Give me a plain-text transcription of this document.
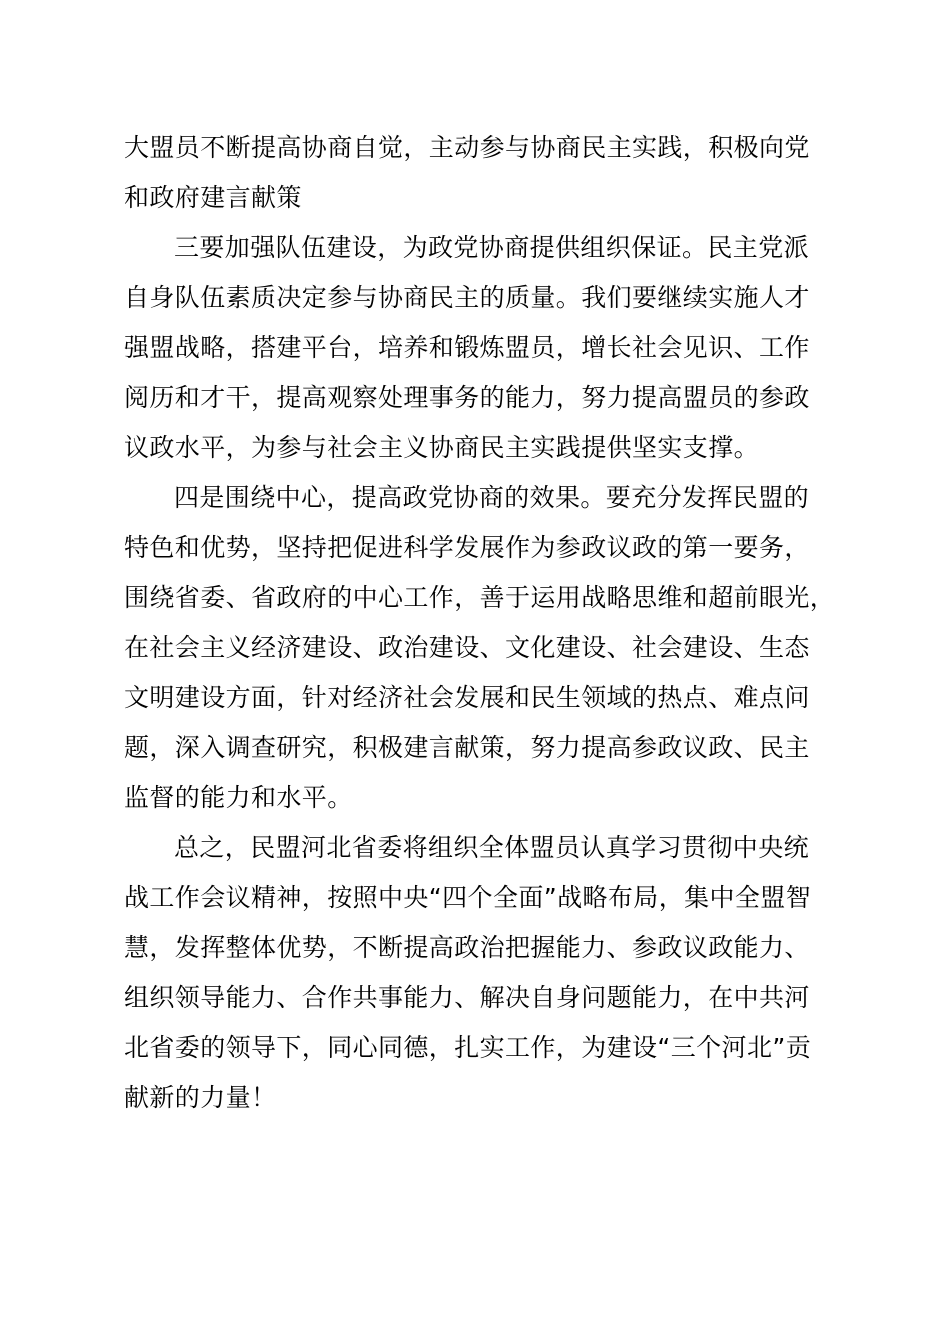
大盟员不断提高协商自觉，主动参与协商民主实践，积极向党
和政府建言献策
三要加强队伍建设，为政党协商提供组织保证。民主党派
自身队伍素质决定参与协商民主的质量。我们要继续实施人才
强盟战略，搭建平台，培养和锻炼盟员，增长社会见识、工作
阅历和才干，提高观察处理事务的能力，努力提高盟员的参政
议政水平，为参与社会主义协商民主实践提供坚实支撑。
四是围绕中心，提高政党协商的效果。要充分发挥民盟的
特色和优势，坚持把促进科学发展作为参政议政的第一要务，
围绕省委、省政府的中心工作，善于运用战略思维和超前眼光，
在社会主义经济建设、政治建设、文化建设、社会建设、生态
文明建设方面，针对经济社会发展和民生领域的热点、难点问
题，深入调查研究，积极建言献策，努力提高参政议政、民主
监督的能力和水平。
总之，民盟河北省委将组织全体盟员认真学习贯彻中央统
战工作会议精神，按照中央“四个全面”战略布局，集中全盟智
慧，发挥整体优势，不断提高政治把握能力、参政议政能力、
组织领导能力、合作共事能力、解决自身问题能力，在中共河
北省委的领导下，同心同德，扎实工作，为建设“三个河北”贡
献新的力量！
